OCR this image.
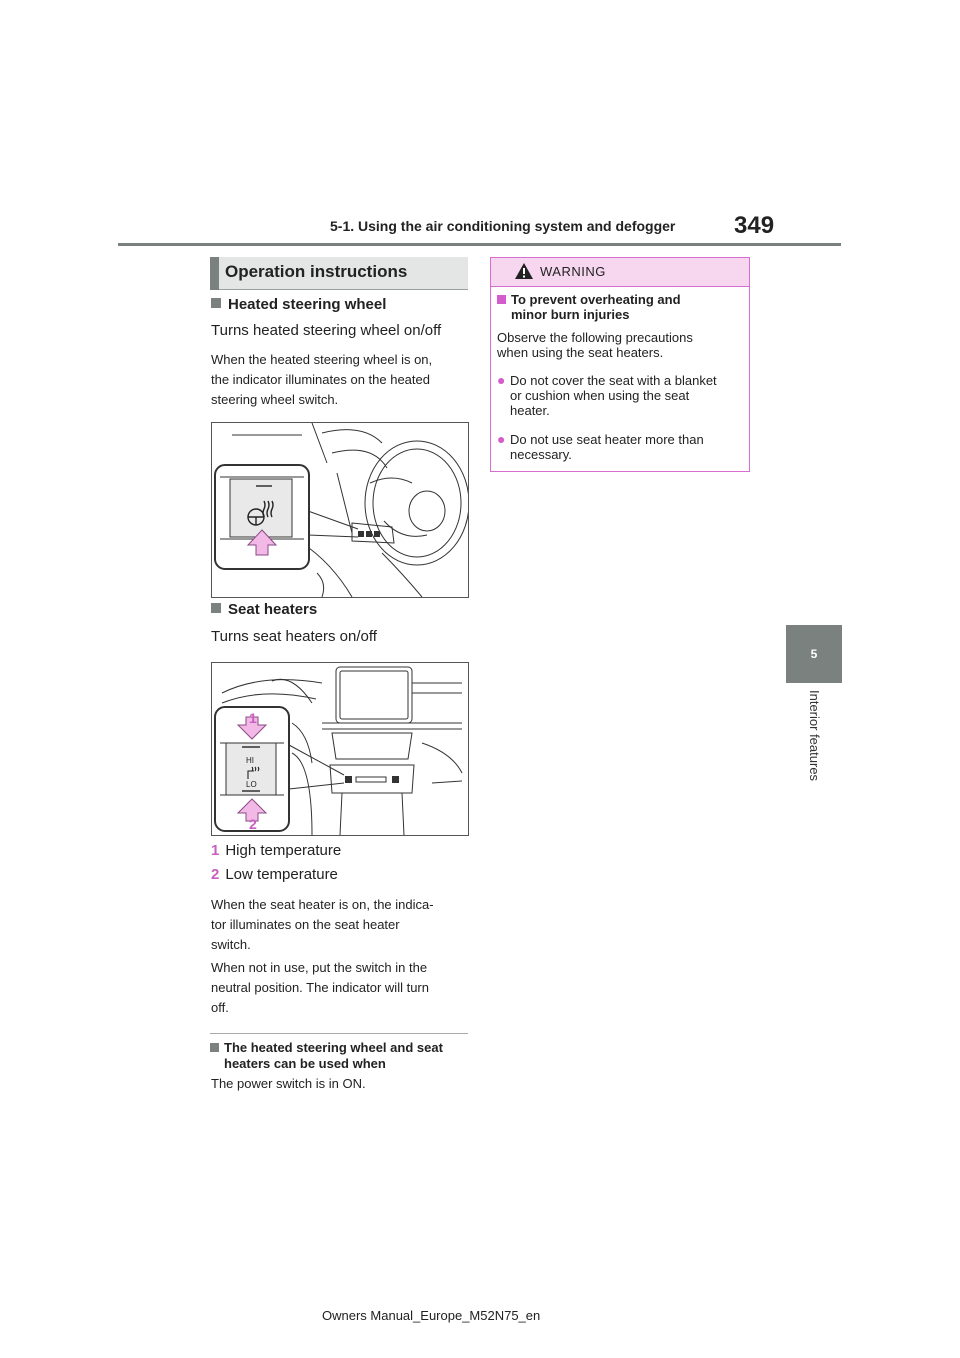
5-1. Using the air conditioning system and defogger 349
5
Interior features
Operation instructions
Heated steering wheel
Turns heated steering wheel on/off
When the heated steering wheel is on,
the indicator illuminates on the heated
steering wheel switch.
Seat heaters
Turns seat heaters on/off
HI
LO
1
2
1 High temperature
2 Low temperature
When the seat heater is on, the indica-
tor illuminates on the seat heater
switch.
When not in use, put the switch in the
neutral position. The indicator will turn
off.
The heated steering wheel and seat
heaters can be used when
The power switch is in ON.
WARNING
To prevent overheating and
minor burn injuries
Observe the following precautions
when using the seat heaters.
● Do not cover the seat with a blanket
or cushion when using the seat
heater.
● Do not use seat heater more than
necessary.
Owners Manual_Europe_M52N75_en
